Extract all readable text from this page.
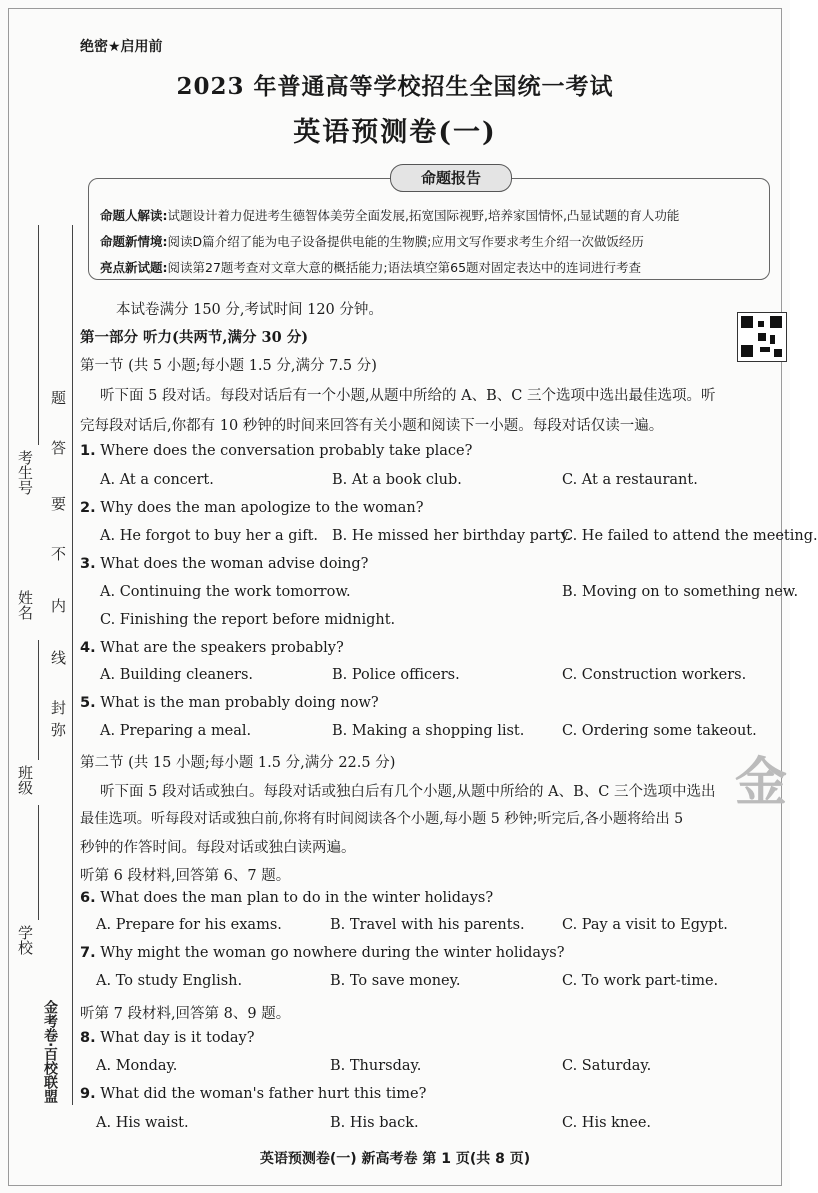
考生号
姓名
班级
学校
金考卷·百校联盟
题
答
要
不
内
线
封
弥
绝密★启用前
2023 年普通高等学校招生全国统一考试
英语预测卷(一)
命题报告
命题人解读:试题设计着力促进考生德智体美劳全面发展,拓宽国际视野,培养家国情怀,凸显试题的育人功能
命题新情境:阅读D篇介绍了能为电子设备提供电能的生物膜;应用文写作要求考生介绍一次做饭经历
亮点新试题:阅读第27题考查对文章大意的概括能力;语法填空第65题对固定表达中的连词进行考查
本试卷满分 150 分,考试时间 120 分钟。
第一部分 听力(共两节,满分 30 分)
第一节 (共 5 小题;每小题 1.5 分,满分 7.5 分)
听下面 5 段对话。每段对话后有一个小题,从题中所给的 A、B、C 三个选项中选出最佳选项。听
完每段对话后,你都有 10 秒钟的时间来回答有关小题和阅读下一小题。每段对话仅读一遍。
1. Where does the conversation probably take place?
A. At a concert.	B. At a book club.	C. At a restaurant.
2. Why does the man apologize to the woman?
A. He forgot to buy her a gift. B. He missed her birthday party.
C. He failed to attend the meeting.
3. What does the woman advise doing?
A. Continuing the work tomorrow.	B. Moving on to something new.
C. Finishing the report before midnight.
4. What are the speakers probably?
A. Building cleaners.	B. Police officers.	C. Construction workers.
5. What is the man probably doing now?
A. Preparing a meal.	B. Making a shopping list.	C. Ordering some takeout.
第二节 (共 15 小题;每小题 1.5 分,满分 22.5 分)
听下面 5 段对话或独白。每段对话或独白后有几个小题,从题中所给的 A、B、C 三个选项中选出
最佳选项。听每段对话或独白前,你将有时间阅读各个小题,每小题 5 秒钟;听完后,各小题将给出 5
秒钟的作答时间。每段对话或独白读两遍。
听第 6 段材料,回答第 6、7 题。
6. What does the man plan to do in the winter holidays?
A. Prepare for his exams.	B. Travel with his parents.	C. Pay a visit to Egypt.
7. Why might the woman go nowhere during the winter holidays?
A. To study English.	B. To save money.	C. To work part-time.
听第 7 段材料,回答第 8、9 题。
8. What day is it today?
A. Monday.	B. Thursday.	C. Saturday.
9. What did the woman's father hurt this time?
A. His waist.	B. His back.	C. His knee.
金
英语预测卷(一) 新高考卷 第 1 页(共 8 页)
